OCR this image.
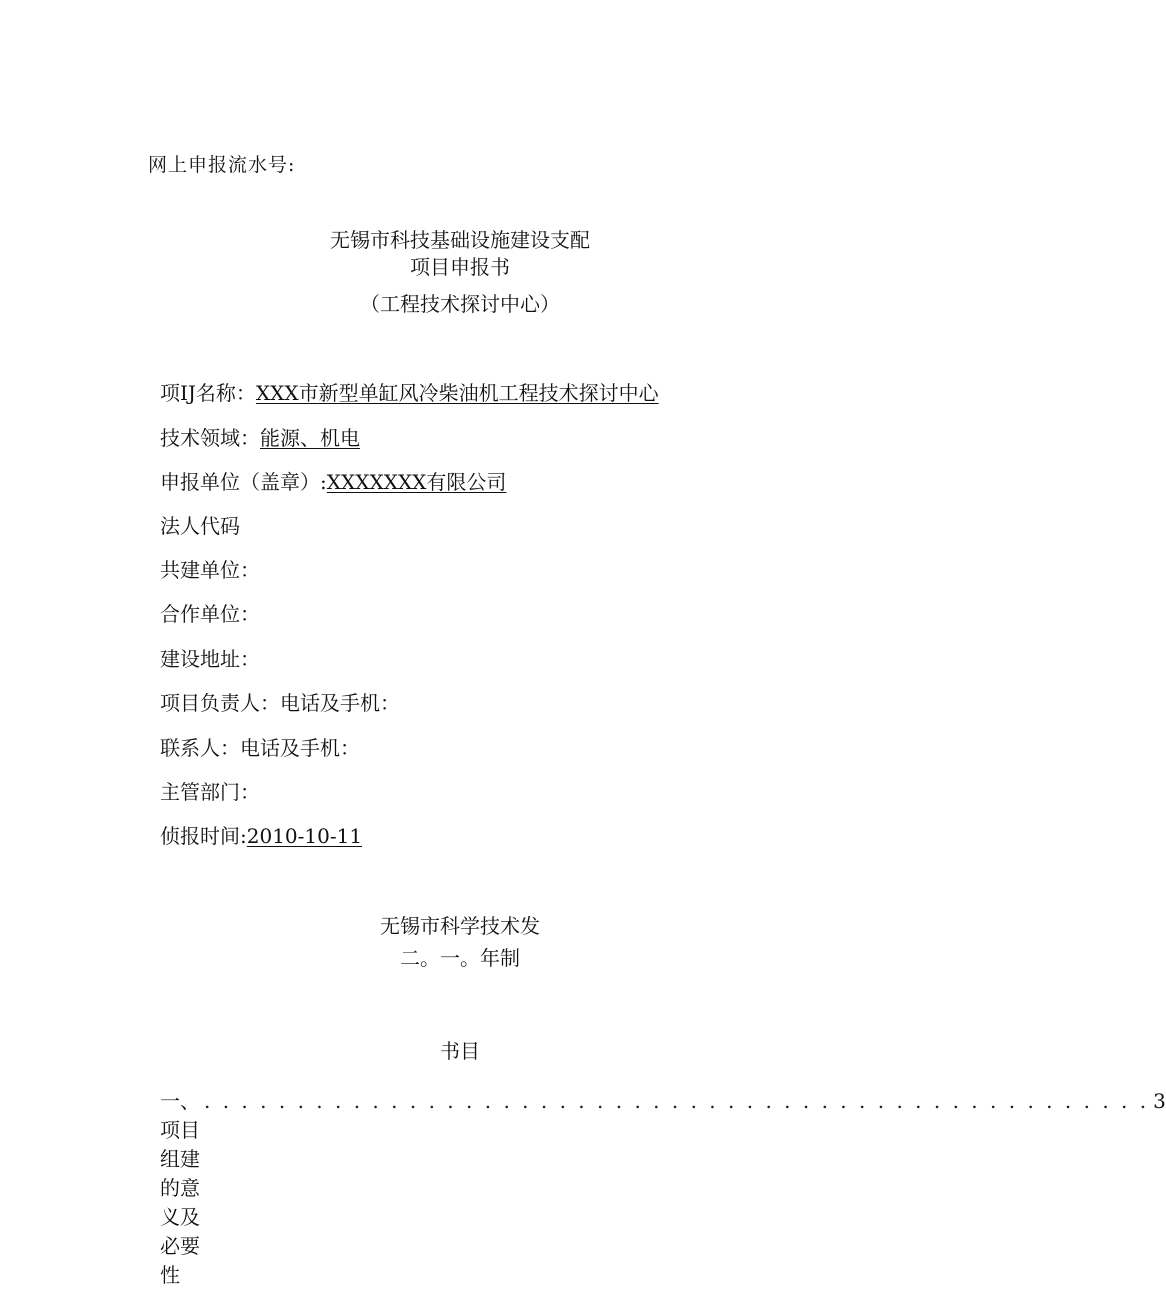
网上申报流水号:
无锡市科技基础设施建设支配
项目申报书
（工程技术探讨中心）
项IJ名称：XXX市新型单缸风冷柴油机工程技术探讨中心
技术领域：能源、机电
申报单位（盖章）:XXXXXXX有限公司
法人代码
共建单位：
合作单位：
建设地址：
项目负责人：电话及手机：
联系人：电话及手机：
主管部门：
侦报时间:2010-10-11
无锡市科学技术发
二。一。年制
书目
一、项目组建的意义及必要性
. . . . . . . . . . . . . . . . . . . . . . . . . . . . . . . . . . . . . . . . . . . . . . . . . . . 3
